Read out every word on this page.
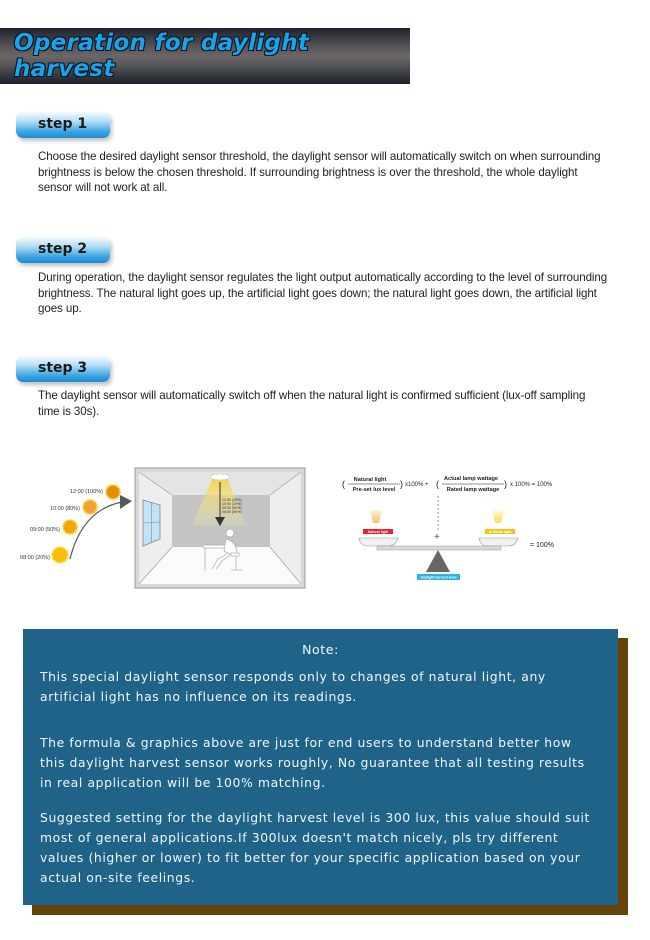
Operation for daylight harvest
step 1
Choose the desired daylight sensor threshold, the daylight sensor will automatically switch on when surrounding brightness is below the chosen threshold. If surrounding brightness is over the threshold, the whole daylight sensor will not work at all.
step 2
During operation, the daylight sensor regulates the light output automatically according to the level of surrounding brightness. The natural light goes up, the artificial light goes down; the natural light goes down, the artificial light goes up.
step 3
The daylight sensor will automatically switch off when the natural light is confirmed sufficient (lux-off sampling time is 30s).
12:00 (100%)
10:00 (80%)
09:00 (50%)
08:00 (20%)
12:00 (20%)
10:00 (20%)
09:00 (50%)
08:00 (80%)
( Natural light
Pre-set lux level
) x100% + ( Actual lamp wattage
Rated lamp wattage
) x 100% = 100%
+
Natural light	Artificial light
Daylight harvest level
= 100%
Note:
This special daylight sensor responds only to changes of natural light, any artificial light has no influence on its readings.
The formula & graphics above are just for end users to understand better how this daylight harvest sensor works roughly, No guarantee that all testing results in real application will be 100% matching.
Suggested setting for the daylight harvest level is 300 lux, this value should suit most of general applications.If 300lux doesn't match nicely, pls try different values (higher or lower) to fit better for your specific application based on your actual on-site feelings.
